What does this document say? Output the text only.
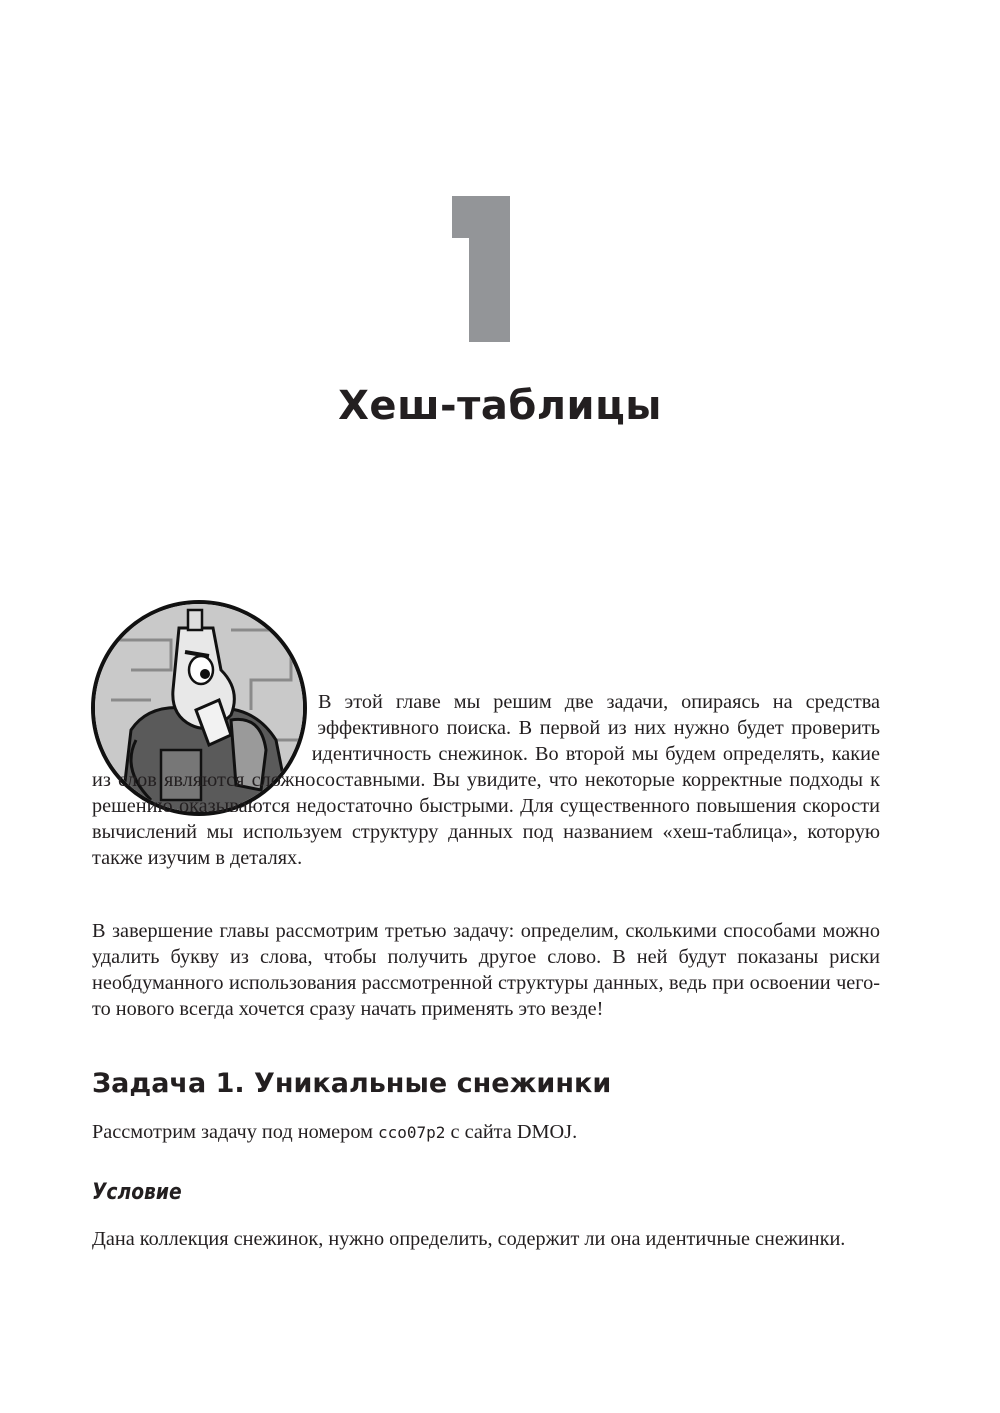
Хеш-таблицы
В этой главе мы решим две задачи, опираясь на средства эффективного поиска. В первой из них нужно будет проверить идентичность снежинок. Во второй мы будем определять, какие из слов являются сложносоставными. Вы увидите, что некоторые корректные подходы к решению оказываются недостаточно быстрыми. Для существенного повышения скорости вычислений мы используем структуру данных под названием «хеш-таблица», которую также изучим в деталях.
В завершение главы рассмотрим третью задачу: определим, сколькими способами можно удалить букву из слова, чтобы получить другое слово. В ней будут показаны риски необдуманного использования рассмотренной структуры данных, ведь при освоении чего-то нового всегда хочется сразу начать применять это везде!
Задача 1. Уникальные снежинки
Рассмотрим задачу под номером cco07p2 с сайта DMOJ.
Условие
Дана коллекция снежинок, нужно определить, содержит ли она идентичные снежинки.
